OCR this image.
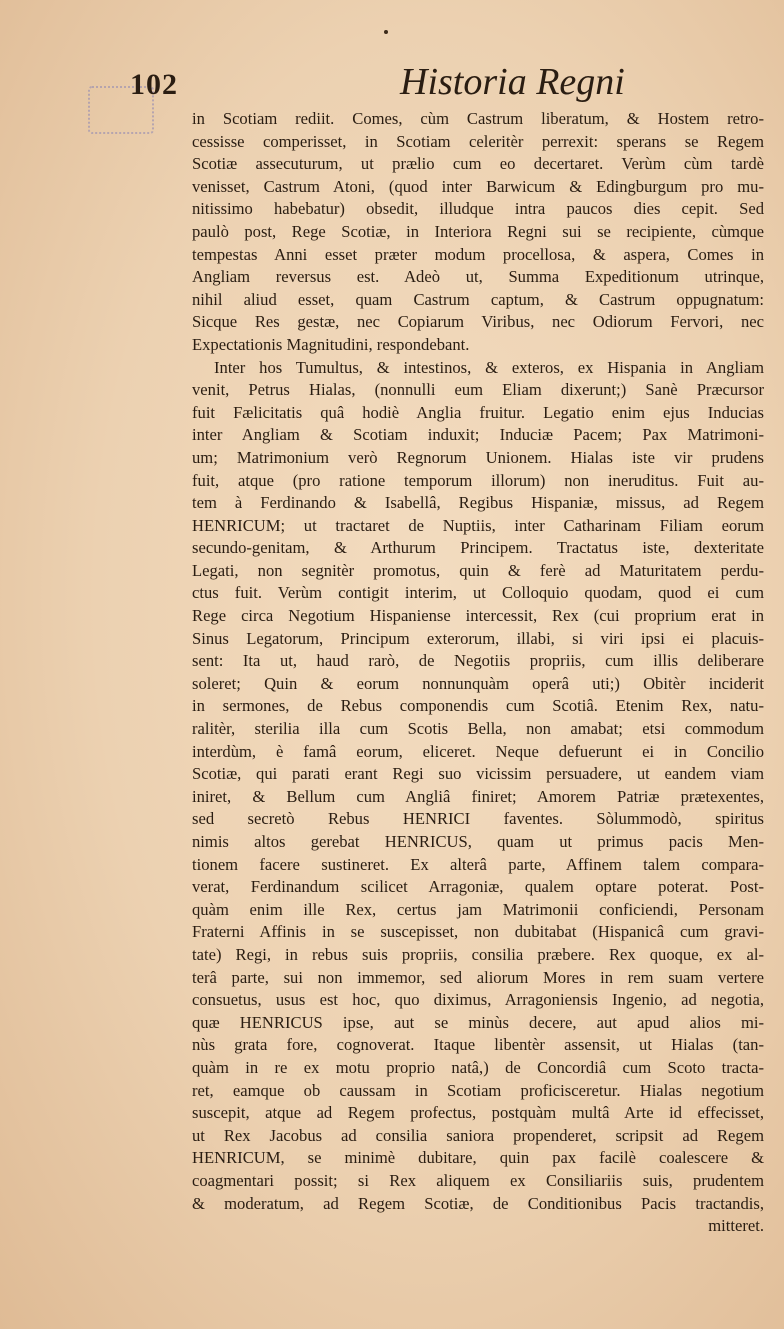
102	Historia Regni
in Scotiam rediit. Comes, cùm Castrum liberatum, & Hostem retro-
cessisse comperisset, in Scotiam celeritèr perrexit: sperans se Regem
Scotiæ assecuturum, ut prælio cum eo decertaret. Verùm cùm tardè
venisset, Castrum Atoni, (quod inter Barwicum & Edingburgum pro mu-
nitissimo habebatur) obsedit, illudque intra paucos dies cepit. Sed
paulò post, Rege Scotiæ, in Interiora Regni sui se recipiente, cùmque
tempestas Anni esset præter modum procellosa, & aspera, Comes in
Angliam reversus est. Adeò ut, Summa Expeditionum utrinque,
nihil aliud esset, quam Castrum captum, & Castrum oppugnatum:
Sicque Res gestæ, nec Copiarum Viribus, nec Odiorum Fervori, nec
Expectationis Magnitudini, respondebant.
Inter hos Tumultus, & intestinos, & exteros, ex Hispania in Angliam
venit, Petrus Hialas, (nonnulli eum Eliam dixerunt;) Sanè Præcursor
fuit Fælicitatis quâ hodiè Anglia fruitur. Legatio enim ejus Inducias
inter Angliam & Scotiam induxit; Induciæ Pacem; Pax Matrimoni-
um; Matrimonium verò Regnorum Unionem. Hialas iste vir prudens
fuit, atque (pro ratione temporum illorum) non ineruditus. Fuit au-
tem à Ferdinando & Isabellâ, Regibus Hispaniæ, missus, ad Regem
HENRICUM; ut tractaret de Nuptiis, inter Catharinam Filiam eorum
secundo-genitam, & Arthurum Principem. Tractatus iste, dexteritate
Legati, non segnitèr promotus, quin & ferè ad Maturitatem perdu-
ctus fuit. Verùm contigit interim, ut Colloquio quodam, quod ei cum
Rege circa Negotium Hispaniense intercessit, Rex (cui proprium erat in
Sinus Legatorum, Principum exterorum, illabi, si viri ipsi ei placuis-
sent: Ita ut, haud rarò, de Negotiis propriis, cum illis deliberare
soleret; Quin & eorum nonnunquàm operâ uti;) Obitèr inciderit
in sermones, de Rebus componendis cum Scotiâ. Etenim Rex, natu-
ralitèr, sterilia illa cum Scotis Bella, non amabat; etsi commodum
interdùm, è famâ eorum, eliceret. Neque defuerunt ei in Concilio
Scotiæ, qui parati erant Regi suo vicissim persuadere, ut eandem viam
iniret, & Bellum cum Angliâ finiret; Amorem Patriæ prætexentes,
sed secretò Rebus HENRICI faventes. Sòlummodò, spiritus
nimis altos gerebat HENRICUS, quam ut primus pacis Men-
tionem facere sustineret. Ex alterâ parte, Affinem talem compara-
verat, Ferdinandum scilicet Arragoniæ, qualem optare poterat. Post-
quàm enim ille Rex, certus jam Matrimonii conficiendi, Personam
Fraterni Affinis in se suscepisset, non dubitabat (Hispanicâ cum gravi-
tate) Regi, in rebus suis propriis, consilia præbere. Rex quoque, ex al-
terâ parte, sui non immemor, sed aliorum Mores in rem suam vertere
consuetus, usus est hoc, quo diximus, Arragoniensis Ingenio, ad negotia,
quæ HENRICUS ipse, aut se minùs decere, aut apud alios mi-
nùs grata fore, cognoverat. Itaque libentèr assensit, ut Hialas (tan-
quàm in re ex motu proprio natâ,) de Concordiâ cum Scoto tracta-
ret, eamque ob caussam in Scotiam proficisceretur. Hialas negotium
suscepit, atque ad Regem profectus, postquàm multâ Arte id effecisset,
ut Rex Jacobus ad consilia saniora propenderet, scripsit ad Regem
HENRICUM, se minimè dubitare, quin pax facilè coalescere &
coagmentari possit; si Rex aliquem ex Consiliariis suis, prudentem
& moderatum, ad Regem Scotiæ, de Conditionibus Pacis tractandis,
mitteret.
